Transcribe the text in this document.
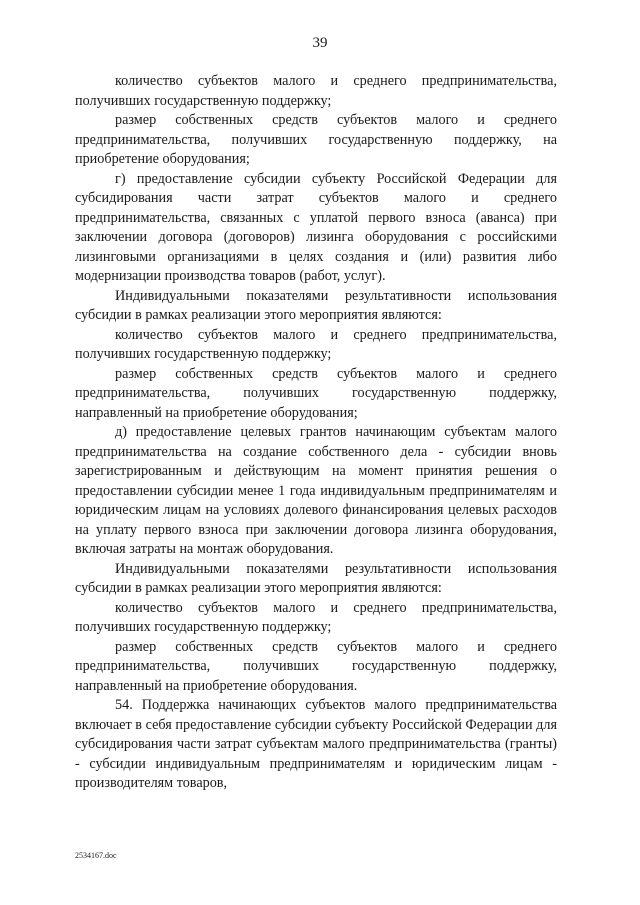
39

количество субъектов малого и среднего предпринимательства, получивших государственную поддержку;

размер собственных средств субъектов малого и среднего предпринимательства, получивших государственную поддержку, на приобретение оборудования;

г) предоставление субсидии субъекту Российской Федерации для субсидирования части затрат субъектов малого и среднего предпринимательства, связанных с уплатой первого взноса (аванса) при заключении договора (договоров) лизинга оборудования с российскими лизинговыми организациями в целях создания и (или) развития либо модернизации производства товаров (работ, услуг).

Индивидуальными показателями результативности использования субсидии в рамках реализации этого мероприятия являются:

количество субъектов малого и среднего предпринимательства, получивших государственную поддержку;

размер собственных средств субъектов малого и среднего предпринимательства, получивших государственную поддержку, направленный на приобретение оборудования;

д) предоставление целевых грантов начинающим субъектам малого предпринимательства на создание собственного дела - субсидии вновь зарегистрированным и действующим на момент принятия решения о предоставлении субсидии менее 1 года индивидуальным предпринимателям и юридическим лицам на условиях долевого финансирования целевых расходов на уплату первого взноса при заключении договора лизинга оборудования, включая затраты на монтаж оборудования.

Индивидуальными показателями результативности использования субсидии в рамках реализации этого мероприятия являются:

количество субъектов малого и среднего предпринимательства, получивших государственную поддержку;

размер собственных средств субъектов малого и среднего предпринимательства, получивших государственную поддержку, направленный на приобретение оборудования.

54. Поддержка начинающих субъектов малого предпринимательства включает в себя предоставление субсидии субъекту Российской Федерации для субсидирования части затрат субъектам малого предпринимательства (гранты) - субсидии индивидуальным предпринимателям и юридическим лицам - производителям товаров,

2534167.doc
